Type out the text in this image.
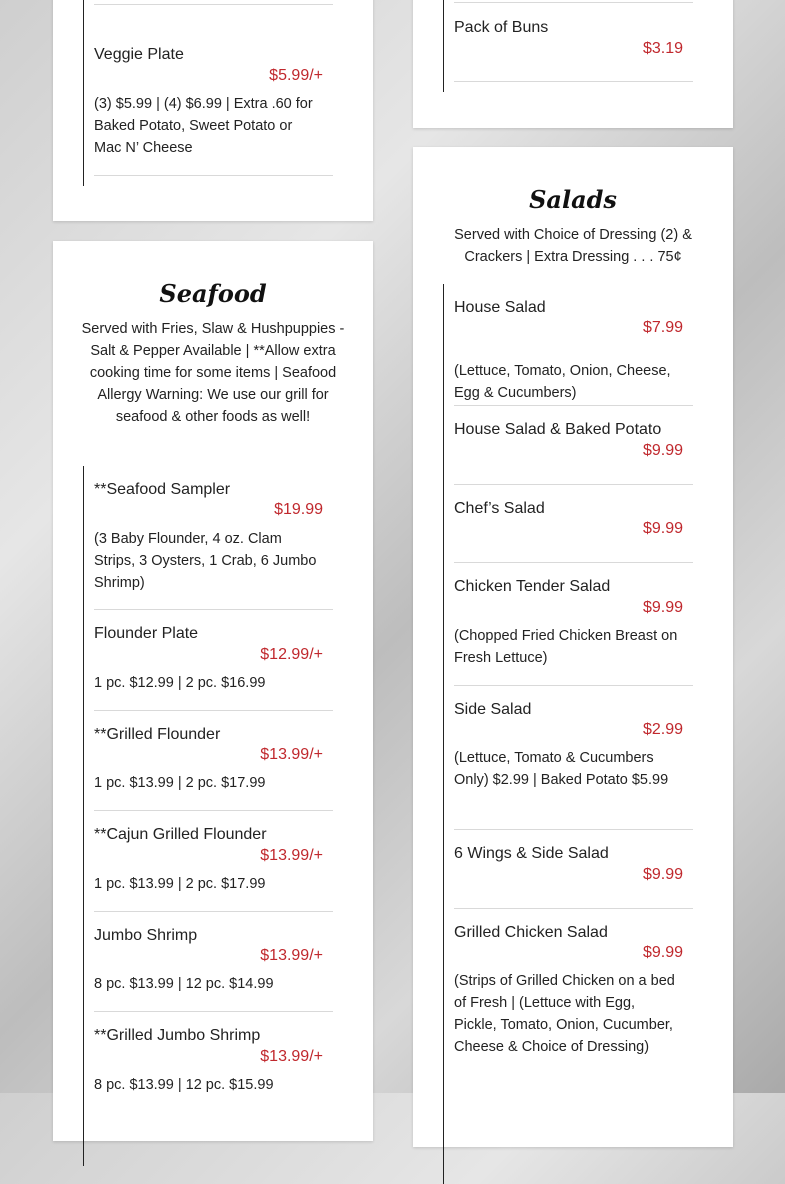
Veggie Plate
$5.99/+
(3) $5.99 | (4) $6.99 | Extra .60 for Baked Potato, Sweet Potato or Mac N’ Cheese
Pack of Buns
$3.19
Seafood
Served with Fries, Slaw & Hushpuppies - Salt & Pepper Available | **Allow extra cooking time for some items | Seafood Allergy Warning: We use our grill for seafood & other foods as well!
**Seafood Sampler
$19.99
(3 Baby Flounder, 4 oz. Clam Strips, 3 Oysters, 1 Crab, 6 Jumbo Shrimp)
Flounder Plate
$12.99/+
1 pc. $12.99 | 2 pc. $16.99
**Grilled Flounder
$13.99/+
1 pc. $13.99 | 2 pc. $17.99
**Cajun Grilled Flounder
$13.99/+
1 pc. $13.99 | 2 pc. $17.99
Jumbo Shrimp
$13.99/+
8 pc. $13.99 | 12 pc. $14.99
**Grilled Jumbo Shrimp
$13.99/+
8 pc. $13.99 | 12 pc. $15.99
Salads
Served with Choice of Dressing (2) & Crackers | Extra Dressing . . . 75¢
House Salad
$7.99
(Lettuce, Tomato, Onion, Cheese, Egg & Cucumbers)
House Salad & Baked Potato
$9.99
Chef’s Salad
$9.99
Chicken Tender Salad
$9.99
(Chopped Fried Chicken Breast on Fresh Lettuce)
Side Salad
$2.99
(Lettuce, Tomato & Cucumbers Only) $2.99 | Baked Potato $5.99
6 Wings & Side Salad
$9.99
Grilled Chicken Salad
$9.99
(Strips of Grilled Chicken on a bed of Fresh | (Lettuce with Egg, Pickle, Tomato, Onion, Cucumber, Cheese & Choice of Dressing)
